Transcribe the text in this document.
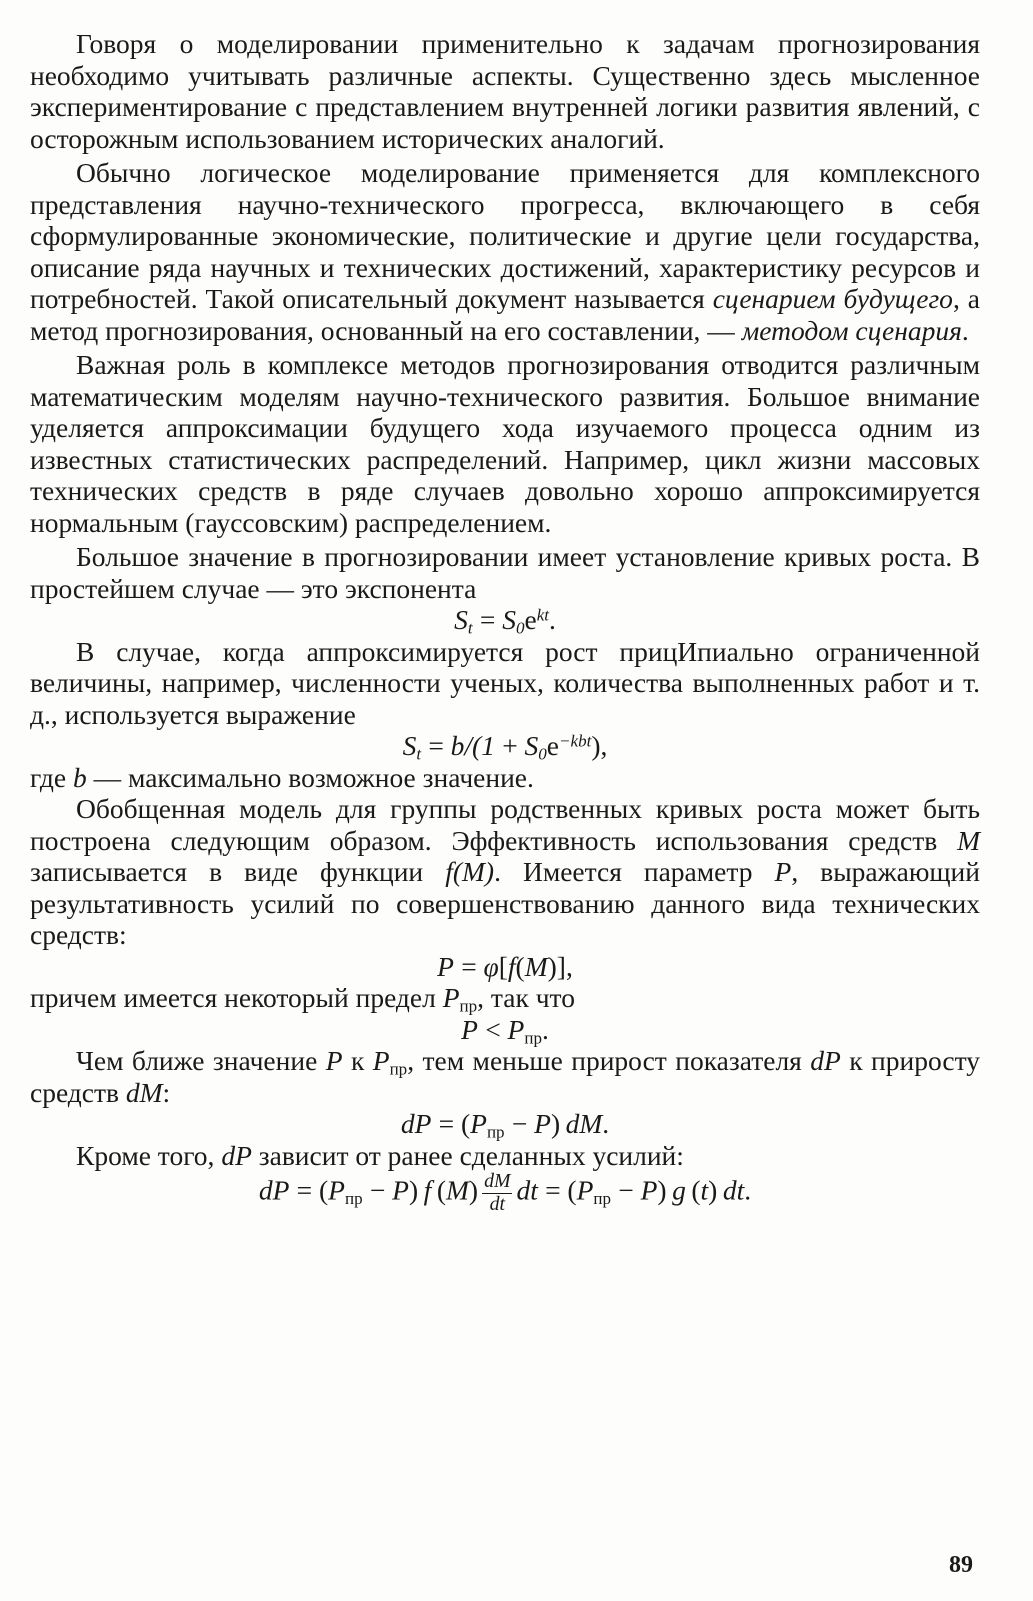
Говоря о моделировании применительно к задачам прогнозирования необходимо учитывать различные аспекты. Существенно здесь мысленное экспериментирование с представлением внутренней логики развития явлений, с осторожным использованием исторических аналогий.

Обычно логическое моделирование применяется для комплексного представления научно-технического прогресса, включающего в себя сформулированные экономические, политические и другие цели государства, описание ряда научных и технических достижений, характеристику ресурсов и потребностей. Такой описательный документ называется сценарием будущего, а метод прогнозирования, основанный на его составлении, — методом сценария.

Важная роль в комплексе методов прогнозирования отводится различным математическим моделям научно-технического развития. Большое внимание уделяется аппроксимации будущего хода изучаемого процесса одним из известных статистических распределений. Например, цикл жизни массовых технических средств в ряде случаев довольно хорошо аппроксимируется нормальным (гауссовским) распределением.

Большое значение в прогнозировании имеет установление кривых роста. В простейшем случае — это экспонента

$S_t = S_0e^{kt}$.

В случае, когда аппроксимируется рост прицИпиально ограниченной величины, например, численности ученых, количества выполненных работ и т. д., используется выражение

$S_t = b/(1 + S_0e^{-kbt})$,

где b — максимально возможное значение.

Обобщенная модель для группы родственных кривых роста может быть построена следующим образом. Эффективность использования средств M записывается в виде функции f(M). Имеется параметр P, выражающий результативность усилий по совершенствованию данного вида технических средств:

P = φ[f(M)],

причем имеется некоторый предел $P_{пр}$, так что

$P < P_{пр}$.

Чем ближе значение P к $P_{пр}$, тем меньше прирост показателя dP к приросту средств dM:

dP = $(P_{пр} - P)$ dM.

Кроме того, dP зависит от ранее сделанных усилий:

dP = $(P_{пр} - P)$ f $(M) \frac{dM}{dt}$ dt = $(P_{пр} - P)$ g (t) dt.

89
